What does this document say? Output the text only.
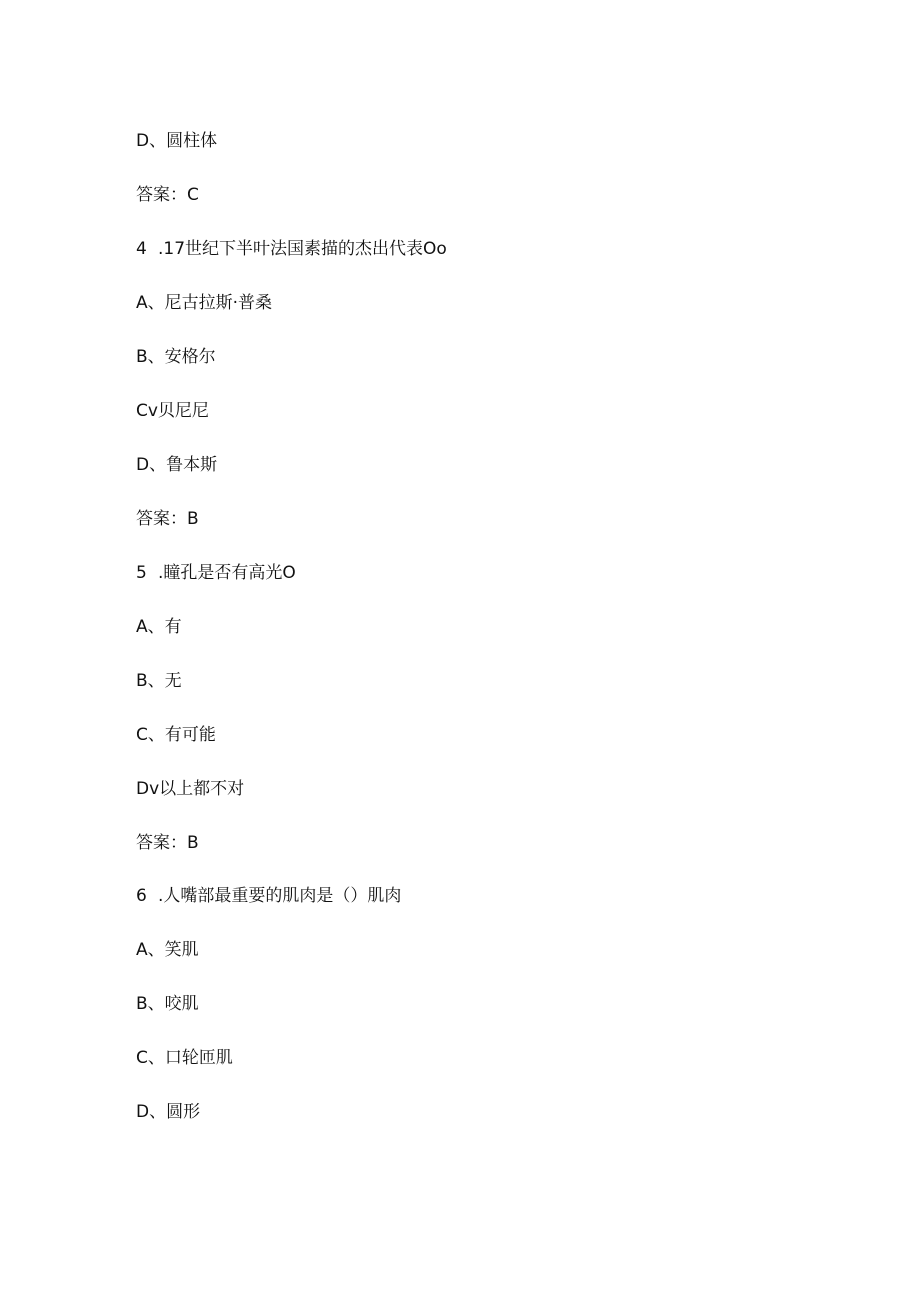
D、圆柱体
答案：C
4 .17世纪下半叶法国素描的杰出代表Oo
A、尼古拉斯·普桑
B、安格尔
Cv贝尼尼
D、鲁本斯
答案：B
5 .瞳孔是否有高光O
A、有
B、无
C、有可能
Dv以上都不对
答案：B
6 .人嘴部最重要的肌肉是（）肌肉
A、笑肌
B、咬肌
C、口轮匝肌
D、圆形
